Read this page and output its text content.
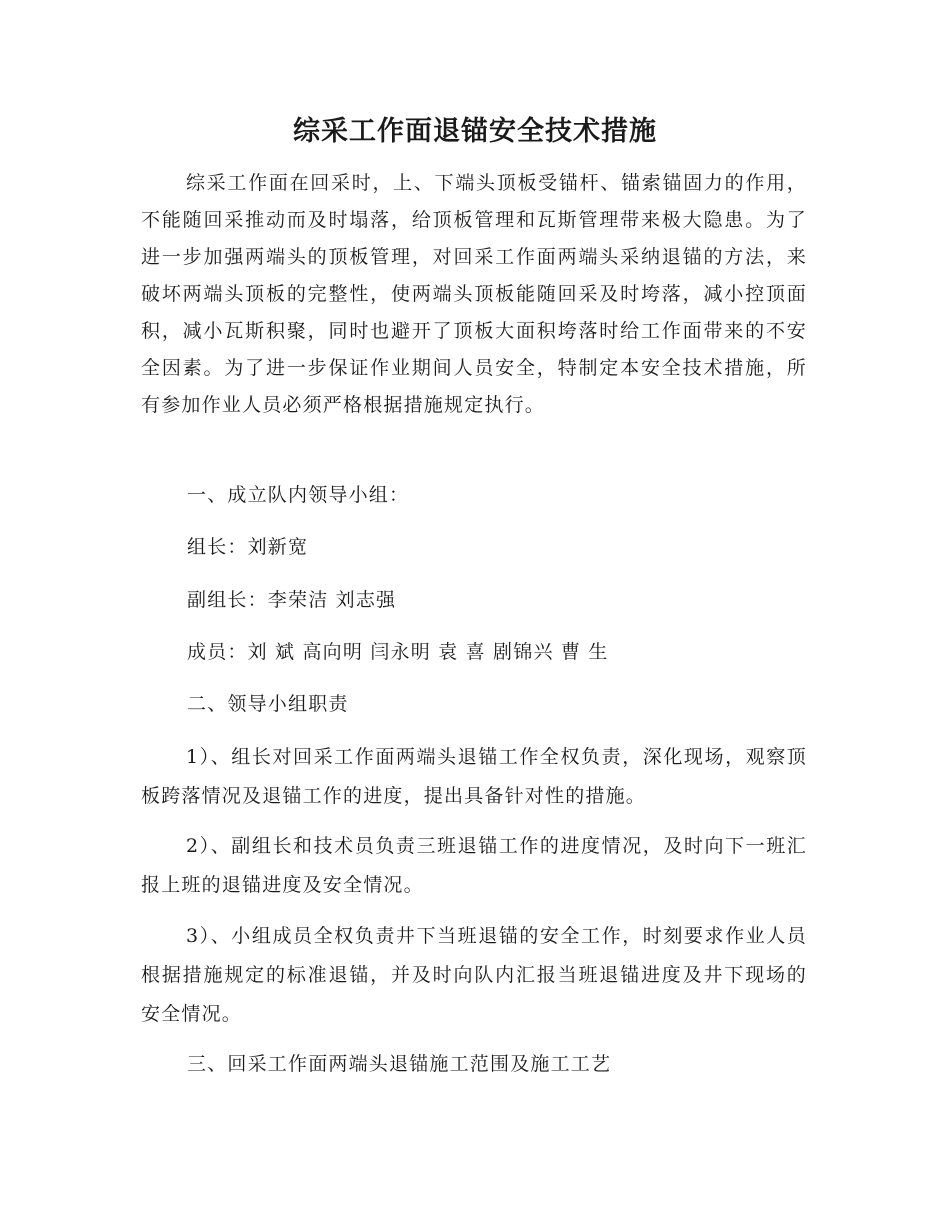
综采工作面退锚安全技术措施

综采工作面在回采时，上、下端头顶板受锚杆、锚索锚固力的作用，不能随回采推动而及时塌落，给顶板管理和瓦斯管理带来极大隐患。为了进一步加强两端头的顶板管理，对回采工作面两端头采纳退锚的方法，来破坏两端头顶板的完整性，使两端头顶板能随回采及时垮落，减小控顶面积，减小瓦斯积聚，同时也避开了顶板大面积垮落时给工作面带来的不安全因素。为了进一步保证作业期间人员安全，特制定本安全技术措施，所有参加作业人员必须严格根据措施规定执行。

一、成立队内领导小组：

组长：刘新宽

副组长：李荣洁 刘志强

成员：刘 斌 高向明 闫永明 袁 喜 剧锦兴 曹 生

二、领导小组职责

1）、组长对回采工作面两端头退锚工作全权负责，深化现场，观察顶板跨落情况及退锚工作的进度，提出具备针对性的措施。

2）、副组长和技术员负责三班退锚工作的进度情况，及时向下一班汇报上班的退锚进度及安全情况。

3）、小组成员全权负责井下当班退锚的安全工作，时刻要求作业人员根据措施规定的标准退锚，并及时向队内汇报当班退锚进度及井下现场的安全情况。

三、回采工作面两端头退锚施工范围及施工工艺
